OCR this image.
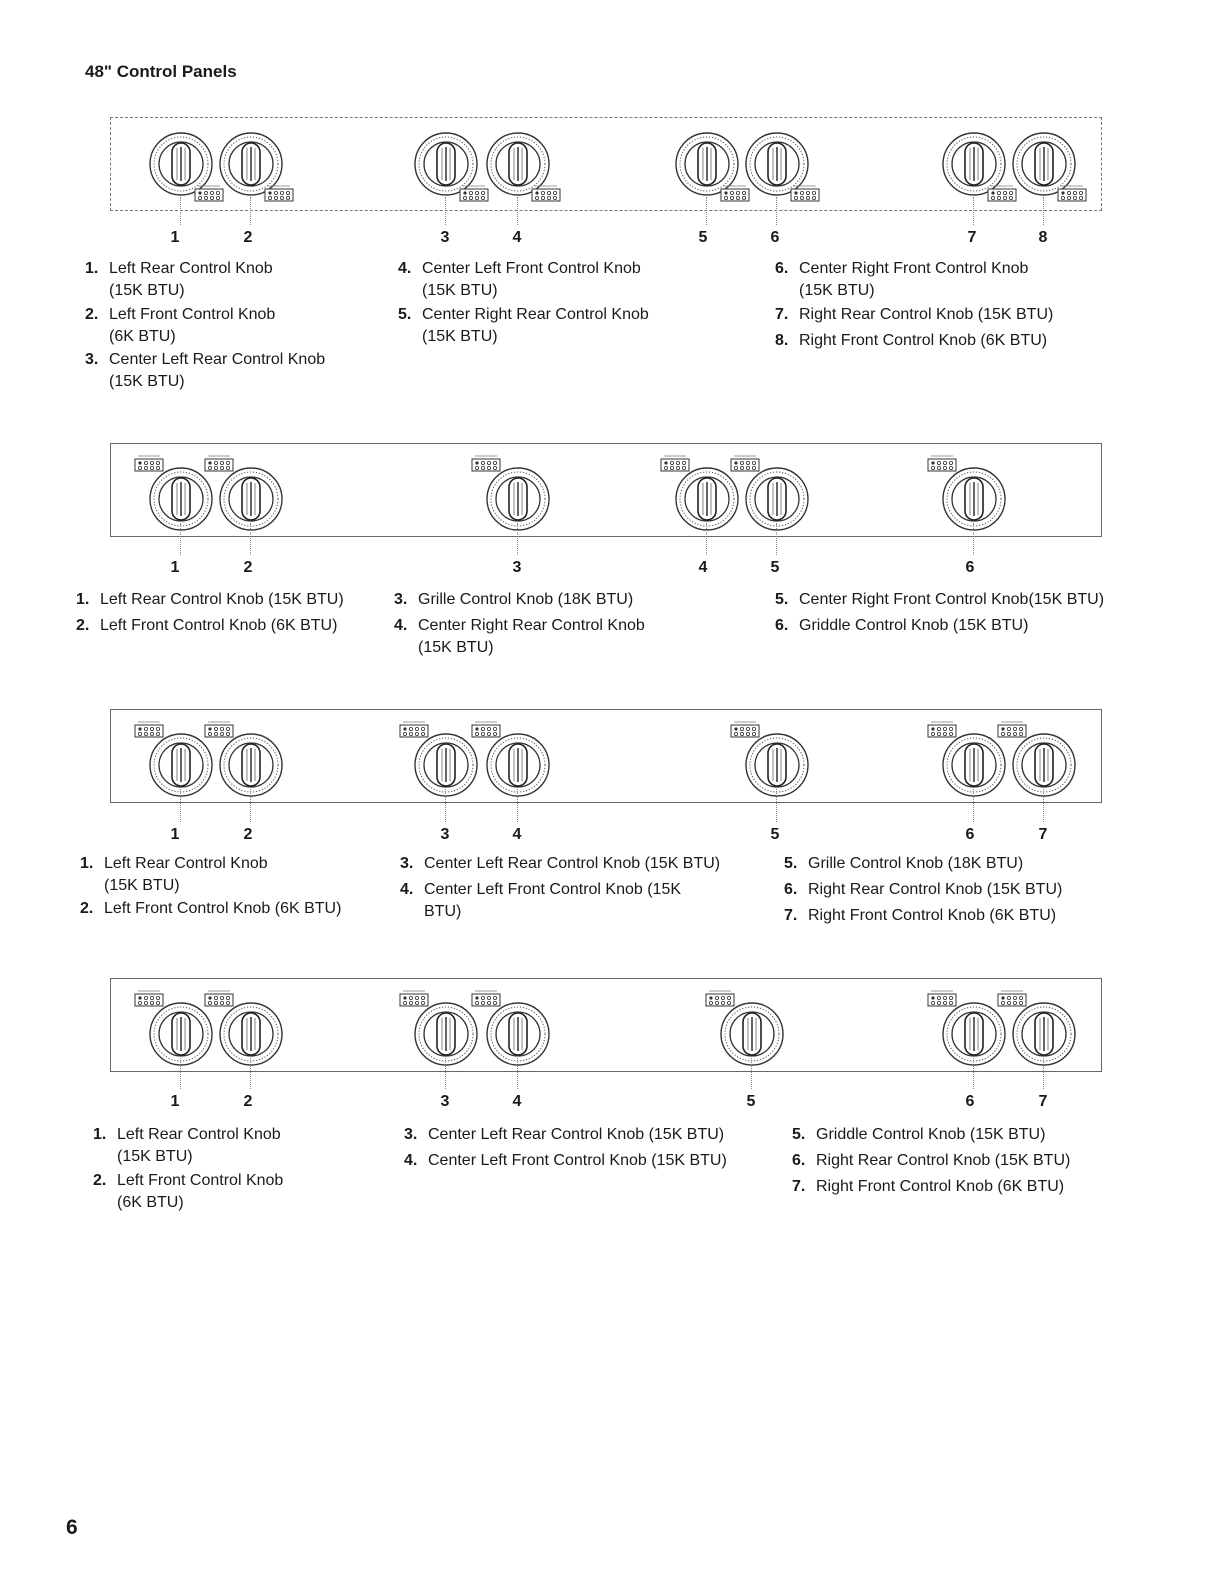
48" Control Panels
1	2	3	4	5	6	7	8
1. Left Rear Control Knob
(15K BTU)
2. Left Front Control Knob
(6K BTU)
3. Center Left Rear Control Knob
(15K BTU)
4. Center Left Front Control Knob
(15K BTU)
5. Center Right Rear Control Knob
(15K BTU)
6. Center Right Front Control Knob
(15K BTU)
7. Right Rear Control Knob (15K BTU)
8. Right Front Control Knob (6K BTU)
1	2	3	4	5	6
1. Left Rear Control Knob (15K BTU)
2. Left Front Control Knob (6K BTU)
3. Grille Control Knob (18K BTU)
4. Center Right Rear Control Knob
(15K BTU)
5. Center Right Front Control Knob(15K BTU)
6. Griddle Control Knob (15K BTU)
1	2	3	4	5	6	7
1. Left Rear Control Knob
(15K BTU)
2. Left Front Control Knob (6K BTU)
3. Center Left Rear Control Knob (15K BTU)
4. Center Left Front Control Knob (15K
BTU)
5. Grille Control Knob (18K BTU)
6. Right Rear Control Knob (15K BTU)
7. Right Front Control Knob (6K BTU)
1	2	3	4	5	6	7
1. Left Rear Control Knob
(15K BTU)
2. Left Front Control Knob
(6K BTU)
3. Center Left Rear Control Knob (15K BTU)
4. Center Left Front Control Knob (15K BTU)
5. Griddle Control Knob (15K BTU)
6. Right Rear Control Knob (15K BTU)
7. Right Front Control Knob (6K BTU)
6
